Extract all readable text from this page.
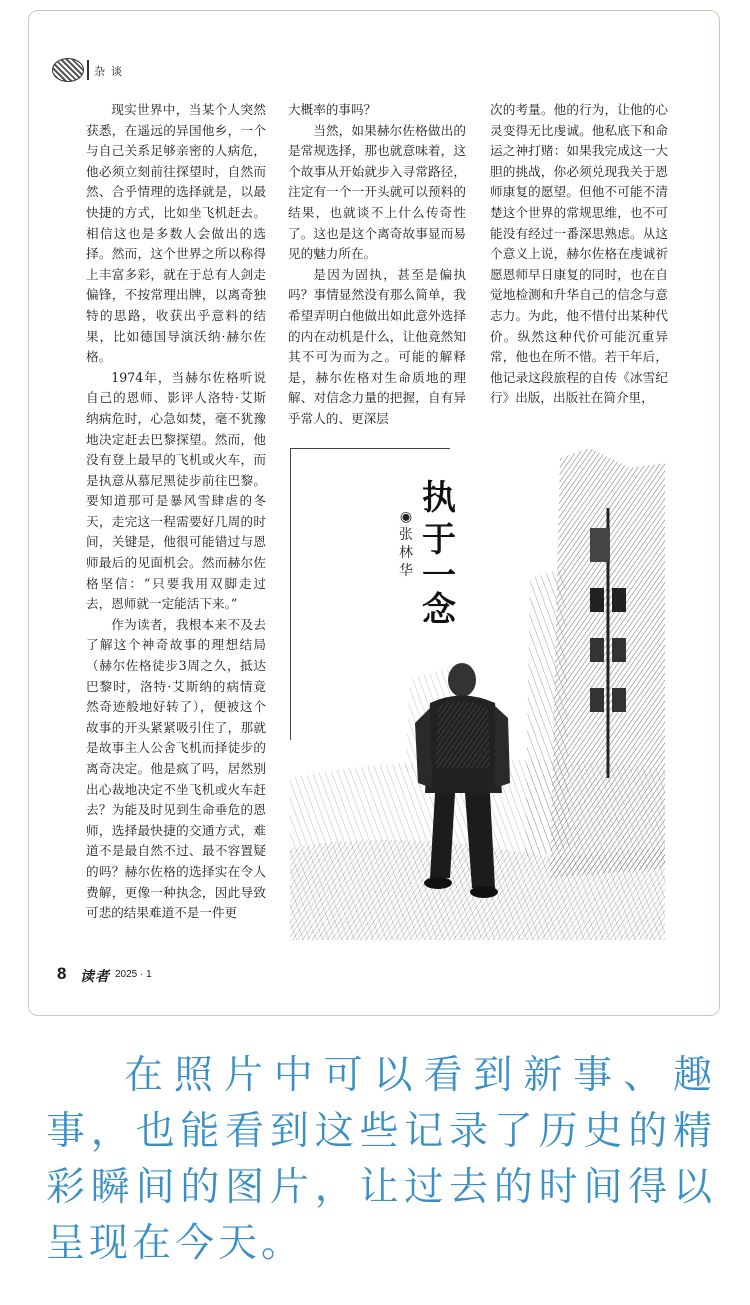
杂谈

现实世界中，当某个人突然获悉，在遥远的异国他乡，一个与自己关系足够亲密的人病危，他必须立刻前往探望时，自然而然、合乎情理的选择就是，以最快捷的方式，比如坐飞机赶去。相信这也是多数人会做出的选择。然而，这个世界之所以称得上丰富多彩，就在于总有人剑走偏锋，不按常理出牌，以离奇独特的思路，收获出乎意料的结果，比如德国导演沃纳·赫尔佐格。

1974年，当赫尔佐格听说自己的恩师、影评人洛特·艾斯纳病危时，心急如焚，毫不犹豫地决定赶去巴黎探望。然而，他没有登上最早的飞机或火车，而是执意从慕尼黑徒步前往巴黎。要知道那可是暴风雪肆虐的冬天，走完这一程需要好几周的时间，关键是，他很可能错过与恩师最后的见面机会。然而赫尔佐格坚信：“只要我用双脚走过去，恩师就一定能活下来。”

作为读者，我根本来不及去了解这个神奇故事的理想结局（赫尔佐格徒步3周之久，抵达巴黎时，洛特·艾斯纳的病情竟然奇迹般地好转了），便被这个故事的开头紧紧吸引住了，那就是故事主人公舍飞机而择徒步的离奇决定。他是疯了吗，居然别出心裁地决定不坐飞机或火车赶去？为能及时见到生命垂危的恩师，选择最快捷的交通方式，难道不是最自然不过、最不容置疑的吗？赫尔佐格的选择实在令人费解，更像一种执念，因此导致可悲的结果难道不是一件更

大概率的事吗？

当然，如果赫尔佐格做出的是常规选择，那也就意味着，这个故事从开始就步入寻常路径，注定有一个一开头就可以预料的结果，也就谈不上什么传奇性了。这也是这个离奇故事显而易见的魅力所在。

是因为固执，甚至是偏执吗？事情显然没有那么简单，我希望弄明白他做出如此意外选择的内在动机是什么，让他竟然知其不可为而为之。可能的解释是，赫尔佐格对生命质地的理解、对信念力量的把握，自有异乎常人的、更深层

次的考量。他的行为，让他的心灵变得无比虔诚。他私底下和命运之神打赌：如果我完成这一大胆的挑战，你必须兑现我关于恩师康复的愿望。但他不可能不清楚这个世界的常规思维，也不可能没有经过一番深思熟虑。从这个意义上说，赫尔佐格在虔诚祈愿恩师早日康复的同时，也在自觉地检测和升华自己的信念与意志力。为此，他不惜付出某种代价。纵然这种代价可能沉重异常，他也在所不惜。若干年后，他记录这段旅程的自传《冰雪纪行》出版，出版社在简介里，

执
于
一
念
◉张林华
8 读者 2025 · 1

在照片中可以看到新事、趣事，也能看到这些记录了历史的精彩瞬间的图片，让过去的时间得以呈现在今天。
